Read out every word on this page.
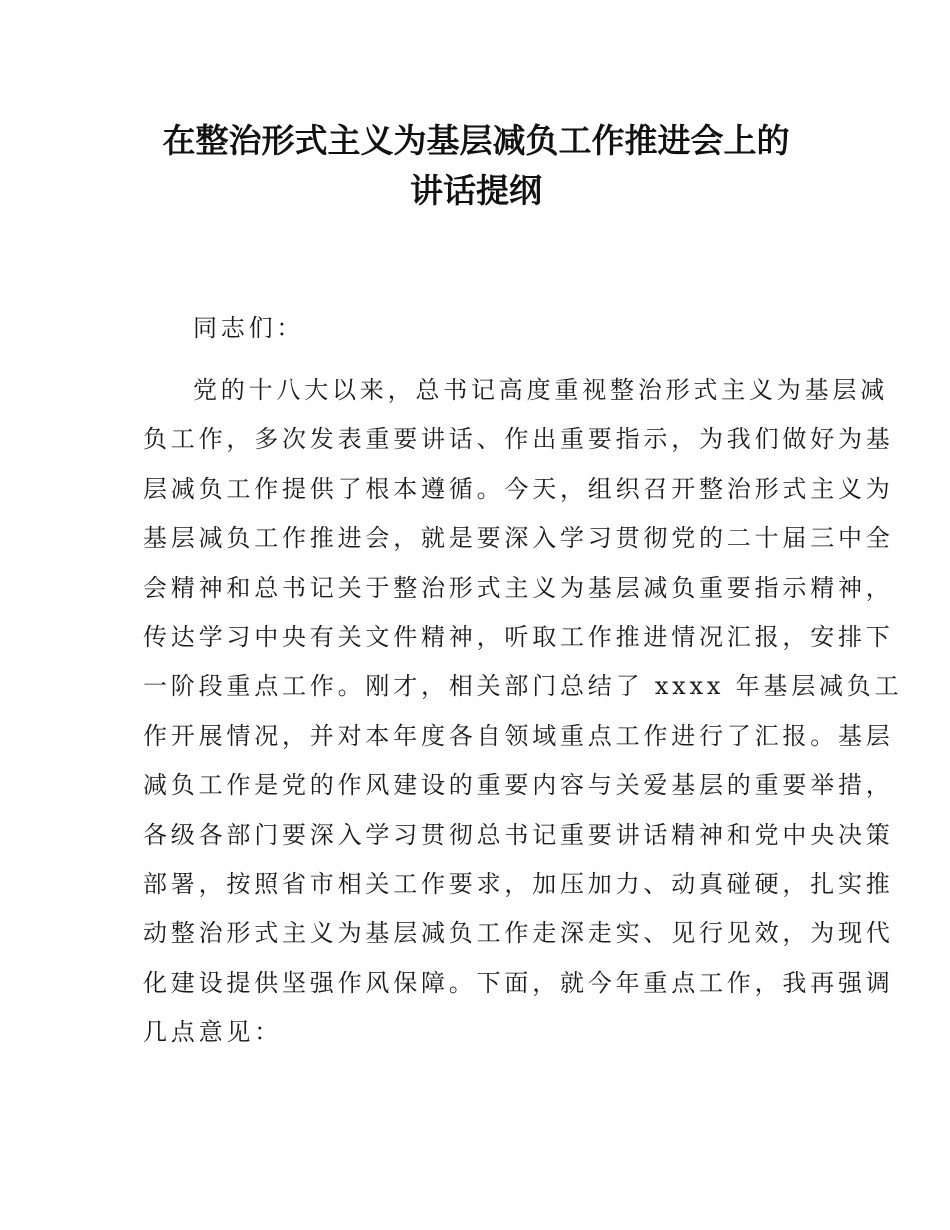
在整治形式主义为基层减负工作推进会上的
讲话提纲
同志们：
党的十八大以来，总书记高度重视整治形式主义为基层减
负工作，多次发表重要讲话、作出重要指示，为我们做好为基
层减负工作提供了根本遵循。今天，组织召开整治形式主义为
基层减负工作推进会，就是要深入学习贯彻党的二十届三中全
会精神和总书记关于整治形式主义为基层减负重要指示精神，
传达学习中央有关文件精神，听取工作推进情况汇报，安排下
一阶段重点工作。刚才，相关部门总结了 xxxx 年基层减负工
作开展情况，并对本年度各自领域重点工作进行了汇报。基层
减负工作是党的作风建设的重要内容与关爱基层的重要举措，
各级各部门要深入学习贯彻总书记重要讲话精神和党中央决策
部署，按照省市相关工作要求，加压加力、动真碰硬，扎实推
动整治形式主义为基层减负工作走深走实、见行见效，为现代
化建设提供坚强作风保障。下面，就今年重点工作，我再强调
几点意见：
